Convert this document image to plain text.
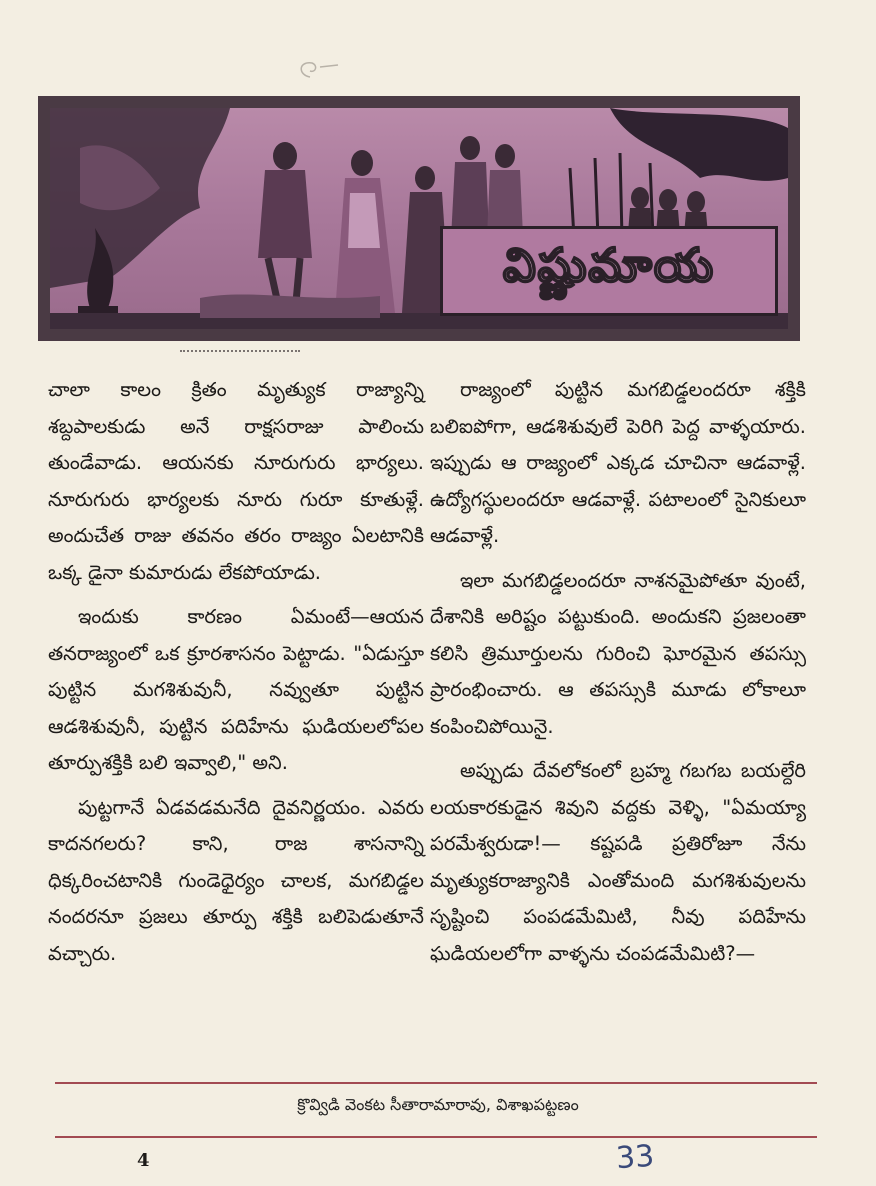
విష్ణుమాయ

చాలా కాలం క్రితం మృత్యుక రాజ్యాన్ని శబ్దపాలకుడు అనే రాక్షసరాజు పాలించు తుండేవాడు. ఆయనకు నూరుగురు భార్యలు. నూరుగురు భార్యలకు నూరు గురూ కూతుళ్లే. అందుచేత రాజు తవనం తరం రాజ్యం ఏలటానికి ఒక్క డైనా కుమారుడు లేకపోయాడు.

ఇందుకు కారణం ఏమంటే—ఆయన తనరాజ్యంలో ఒక క్రూరశాసనం పెట్టాడు. "ఏడుస్తూ పుట్టిన మగశిశువునీ, నవ్వుతూ పుట్టిన ఆడశిశువునీ, పుట్టిన పదిహేను ఘడియలలోపల తూర్పుశక్తికి బలి ఇవ్వాలి," అని.

పుట్టగానే ఏడవడమనేది దైవనిర్ణయం. ఎవరు కాదనగలరు? కాని, రాజ శాసనాన్ని ధిక్కరించటానికి గుండెధైర్యం చాలక, మగబిడ్డల నందరనూ ప్రజలు తూర్పు శక్తికి బలిపెడుతూనే వచ్చారు.

రాజ్యంలో పుట్టిన మగబిడ్డలందరూ శక్తికి బలిఐపోగా, ఆడశిశువులే పెరిగి పెద్ద వాళ్ళయారు. ఇప్పుడు ఆ రాజ్యంలో ఎక్కడ చూచినా ఆడవాళ్లే. ఉద్యోగస్థులందరూ ఆడవాళ్లే. పటాలంలో సైనికులూ ఆడవాళ్లే.

ఇలా మగబిడ్డలందరూ నాశనమైపోతూ వుంటే, దేశానికి అరిష్టం పట్టుకుంది. అందుకని ప్రజలంతా కలిసి త్రిమూర్తులను గురించి ఘోరమైన తపస్సు ప్రారంభించారు. ఆ తపస్సుకి మూడు లోకాలూ కంపించిపోయినై.

అప్పుడు దేవలోకంలో బ్రహ్మ గబగబ బయల్దేరి లయకారకుడైన శివుని వద్దకు వెళ్ళి, "ఏమయ్యా పరమేశ్వరుడా!— కష్టపడి ప్రతిరోజూ నేను మృత్యుకరాజ్యానికి ఎంతోమంది మగశిశువులను సృష్టించి పంపడమేమిటి, నీవు పదిహేను ఘడియలలోగా వాళ్ళను చంపడమేమిటి?—

క్రొవ్విడి వెంకట సీతారామారావు, విశాఖపట్టణం
4	33
